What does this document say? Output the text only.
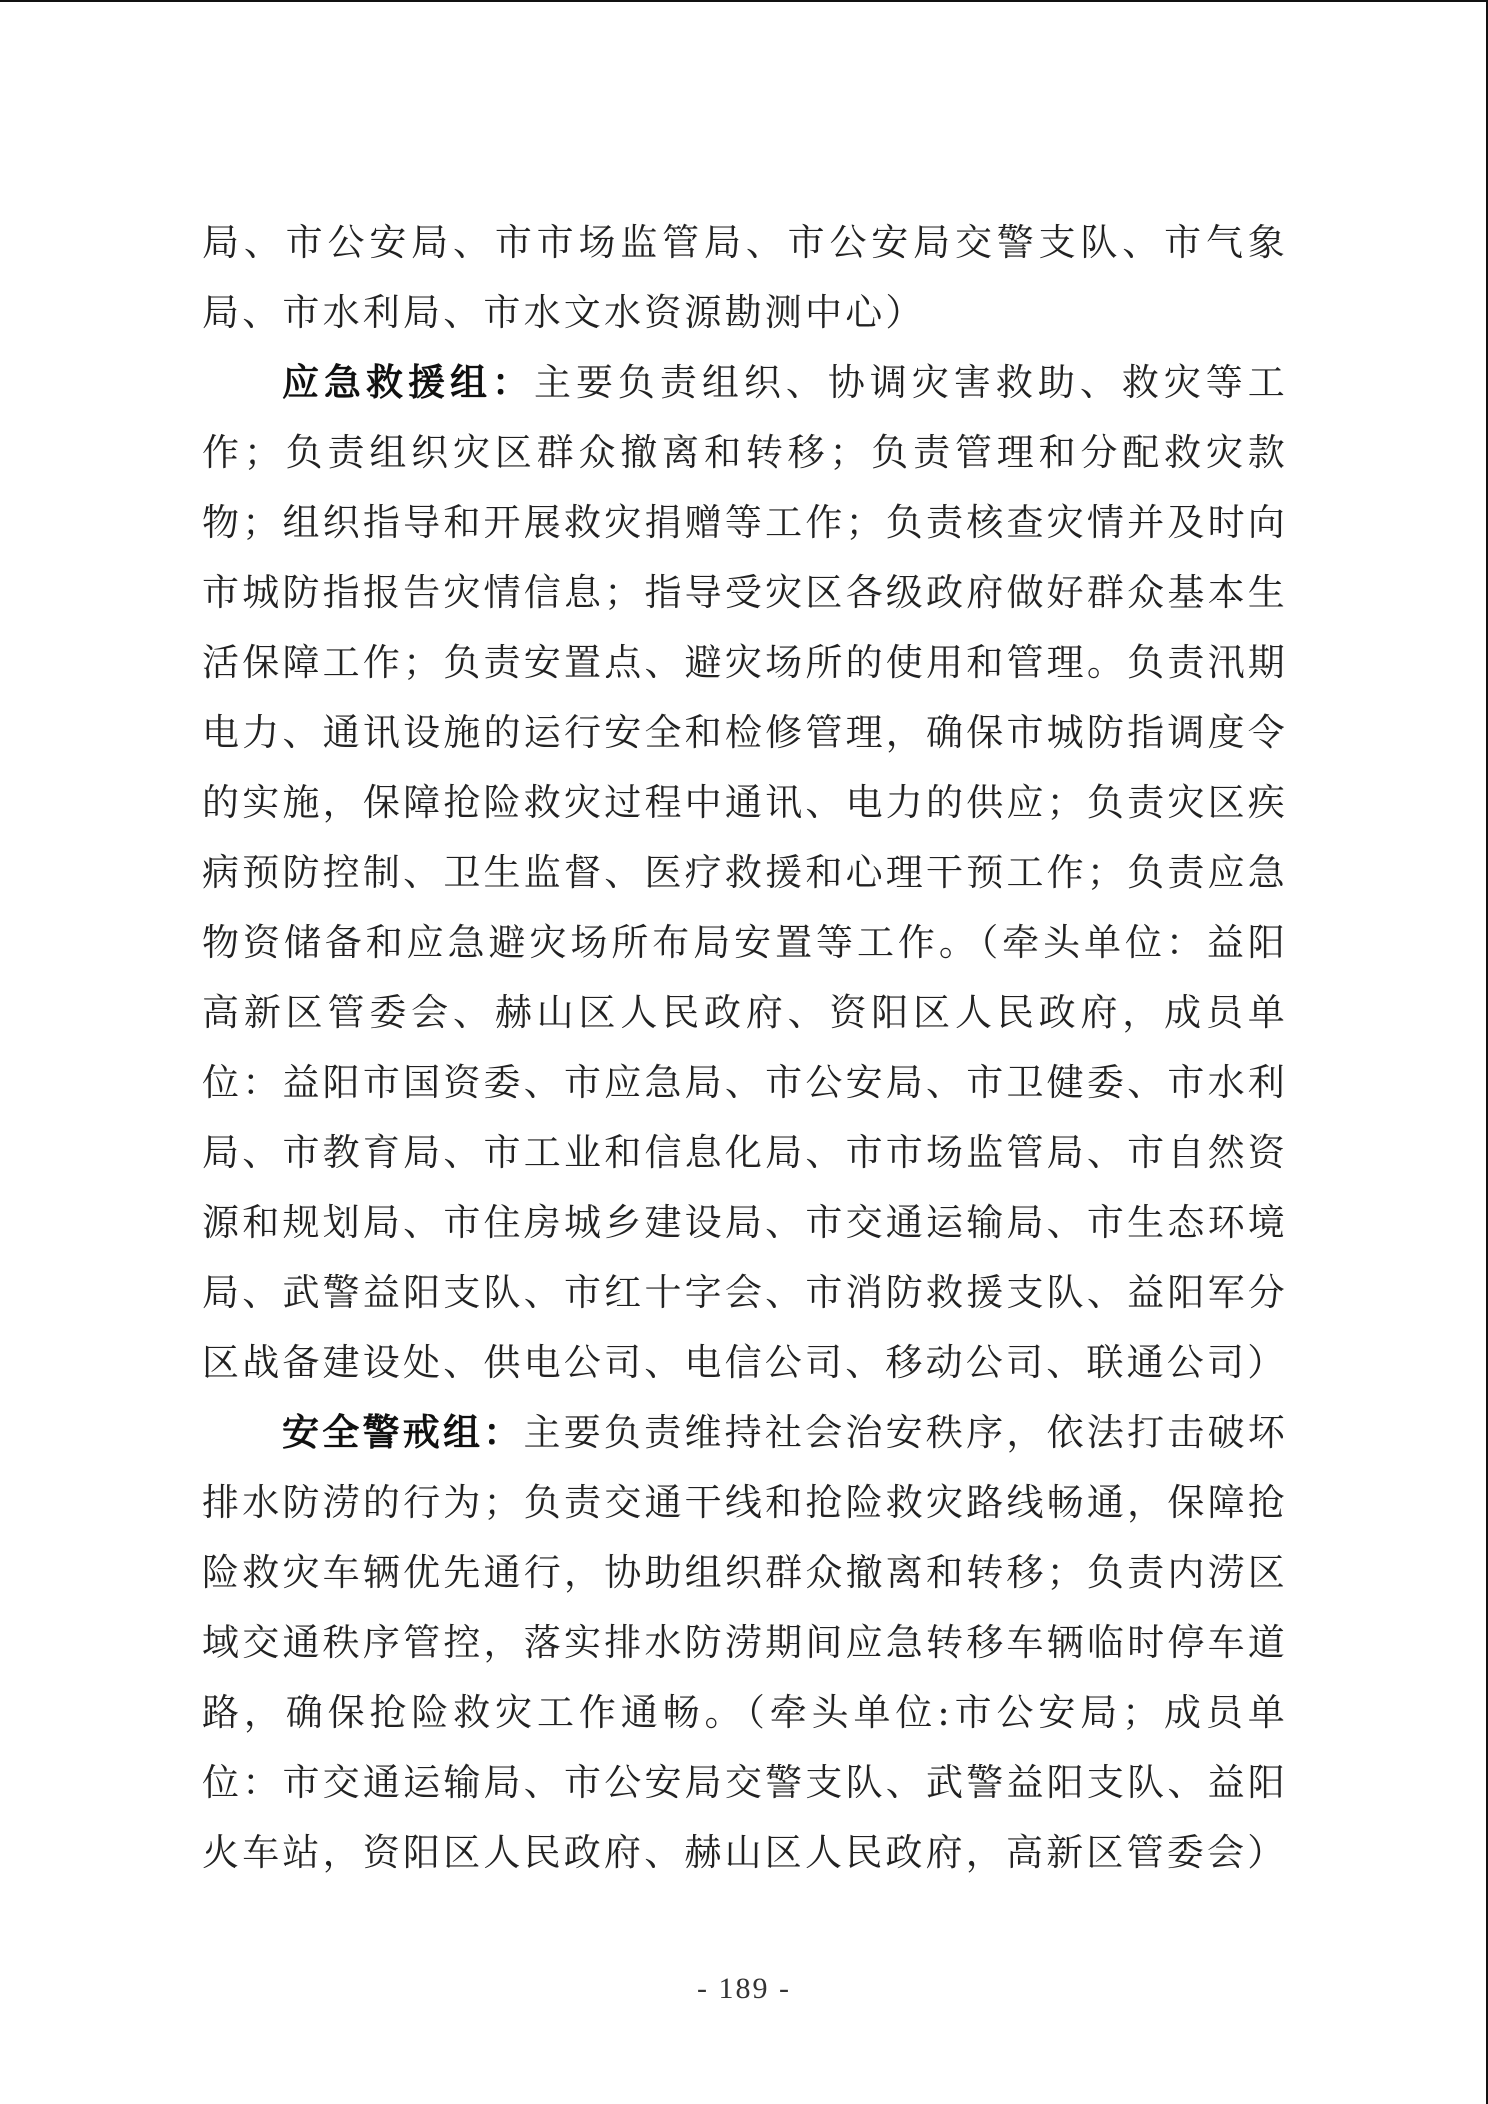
局、市公安局、市市场监管局、市公安局交警支队、市气象局、市水利局、市水文水资源勘测中心）

应急救援组：主要负责组织、协调灾害救助、救灾等工作；负责组织灾区群众撤离和转移；负责管理和分配救灾款物；组织指导和开展救灾捐赠等工作；负责核查灾情并及时向市城防指报告灾情信息；指导受灾区各级政府做好群众基本生活保障工作；负责安置点、避灾场所的使用和管理。负责汛期电力、通讯设施的运行安全和检修管理，确保市城防指调度令的实施，保障抢险救灾过程中通讯、电力的供应；负责灾区疾病预防控制、卫生监督、医疗救援和心理干预工作；负责应急物资储备和应急避灾场所布局安置等工作。（牵头单位：益阳高新区管委会、赫山区人民政府、资阳区人民政府，成员单位：益阳市国资委、市应急局、市公安局、市卫健委、市水利局、市教育局、市工业和信息化局、市市场监管局、市自然资源和规划局、市住房城乡建设局、市交通运输局、市生态环境局、武警益阳支队、市红十字会、市消防救援支队、益阳军分区战备建设处、供电公司、电信公司、移动公司、联通公司）

安全警戒组：主要负责维持社会治安秩序，依法打击破坏排水防涝的行为；负责交通干线和抢险救灾路线畅通，保障抢险救灾车辆优先通行，协助组织群众撤离和转移；负责内涝区域交通秩序管控，落实排水防涝期间应急转移车辆临时停车道路，确保抢险救灾工作通畅。（牵头单位:市公安局；成员单位：市交通运输局、市公安局交警支队、武警益阳支队、益阳火车站，资阳区人民政府、赫山区人民政府，高新区管委会）

- 189 -
